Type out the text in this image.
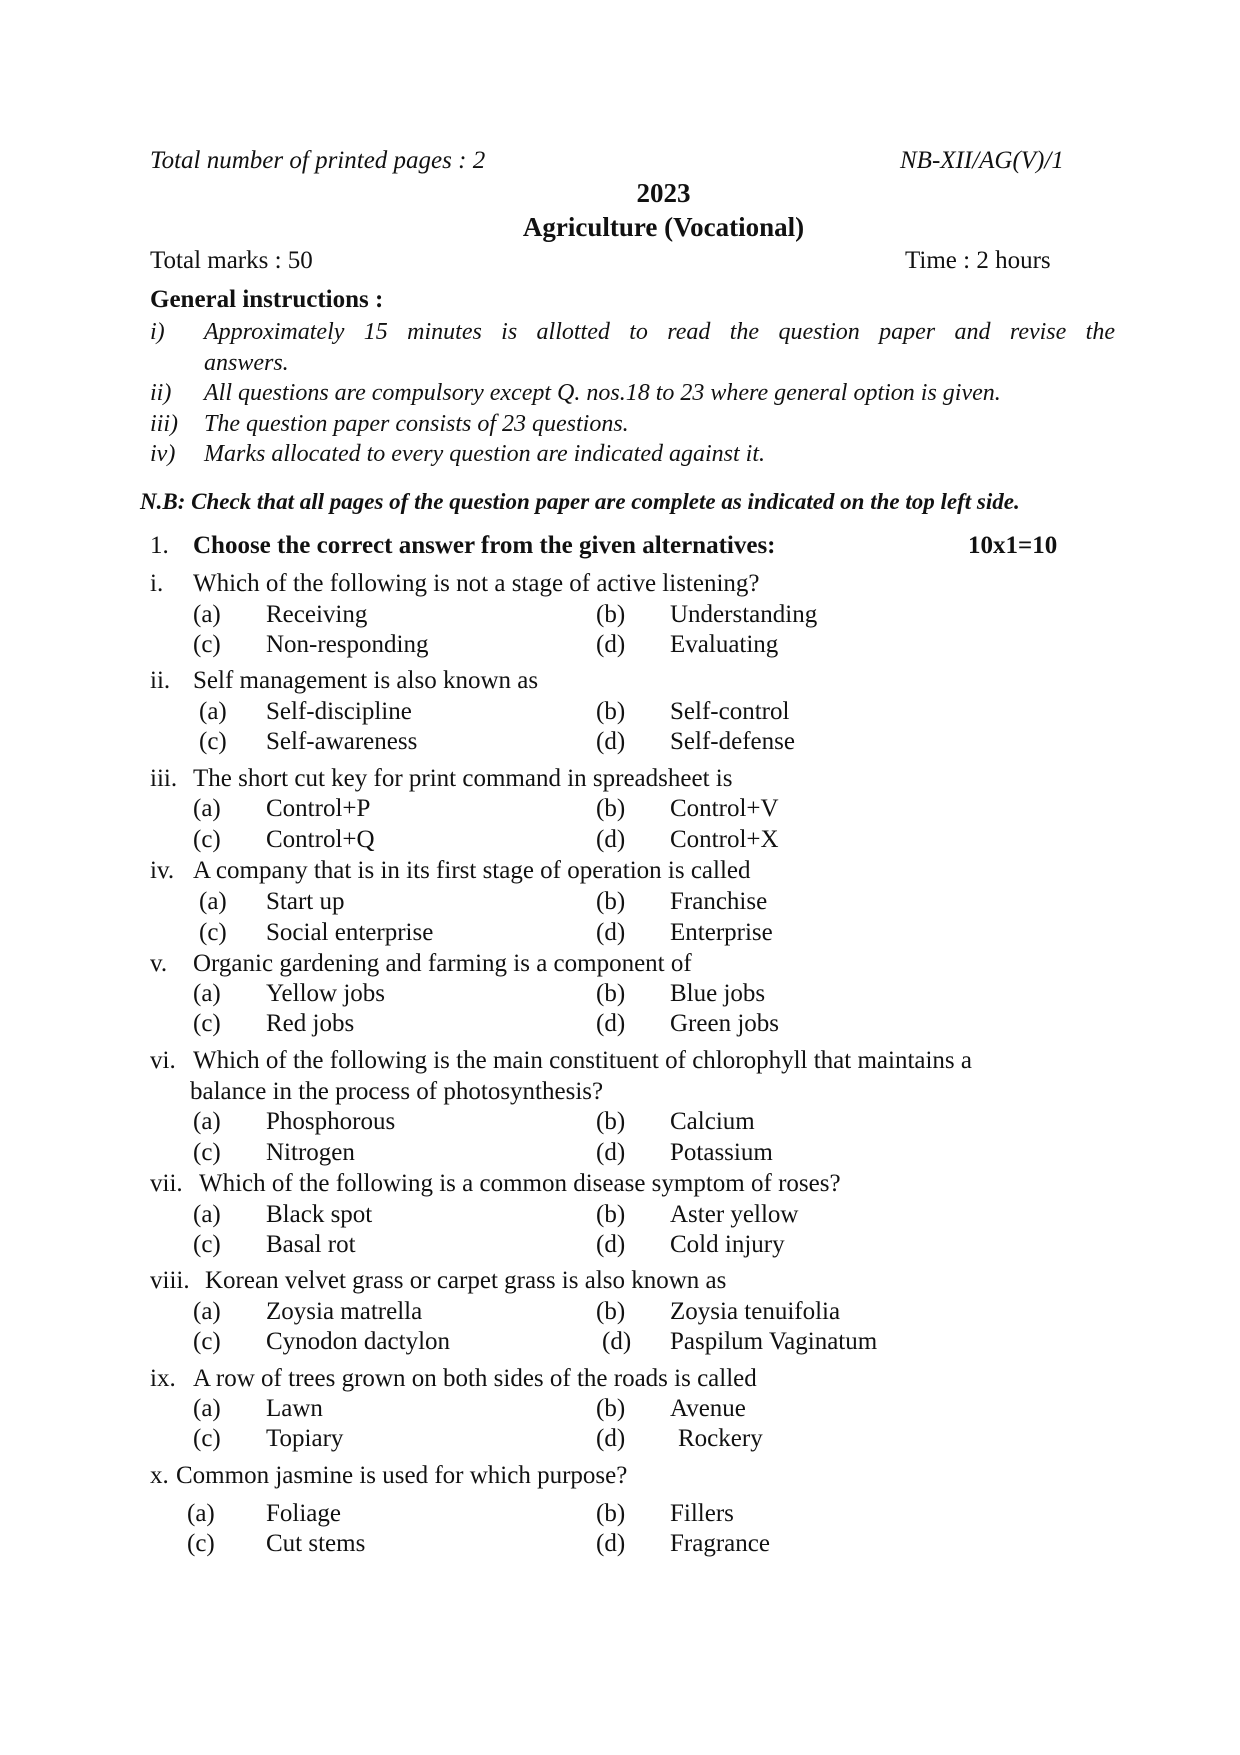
Total number of printed pages : 2	NB-XII/AG(V)/1
2023
Agriculture (Vocational)
Total marks : 50	Time : 2 hours
General instructions :
i) Approximately 15 minutes is allotted to read the question paper and revise the
answers.
ii) All questions are compulsory except Q. nos.18 to 23 where general option is given.
iii) The question paper consists of 23 questions.
iv) Marks allocated to every question are indicated against it.
N.B: Check that all pages of the question paper are complete as indicated on the top left side.
1. Choose the correct answer from the given alternatives:	10x1=10
i. Which of the following is not a stage of active listening?
(a) Receiving	(b) Understanding
(c) Non-responding	(d) Evaluating
ii. Self management is also known as
(a) Self-discipline	(b) Self-control
(c) Self-awareness	(d) Self-defense
iii. The short cut key for print command in spreadsheet is
(a) Control+P	(b) Control+V
(c) Control+Q	(d) Control+X
iv. A company that is in its first stage of operation is called
(a) Start up	(b) Franchise
(c) Social enterprise	(d) Enterprise
v. Organic gardening and farming is a component of
(a) Yellow jobs	(b) Blue jobs
(c) Red jobs	(d) Green jobs
vi. Which of the following is the main constituent of chlorophyll that maintains a
balance in the process of photosynthesis?
(a) Phosphorous	(b) Calcium
(c) Nitrogen	(d) Potassium
vii. Which of the following is a common disease symptom of roses?
(a) Black spot	(b) Aster yellow
(c) Basal rot	(d) Cold injury
viii. Korean velvet grass or carpet grass is also known as
(a) Zoysia matrella	(b) Zoysia tenuifolia
(c) Cynodon dactylon	(d) Paspilum Vaginatum
ix. A row of trees grown on both sides of the roads is called
(a) Lawn	(b) Avenue
(c) Topiary	(d) Rockery
x. Common jasmine is used for which purpose?
(a) Foliage	(b) Fillers
(c) Cut stems	(d) Fragrance
